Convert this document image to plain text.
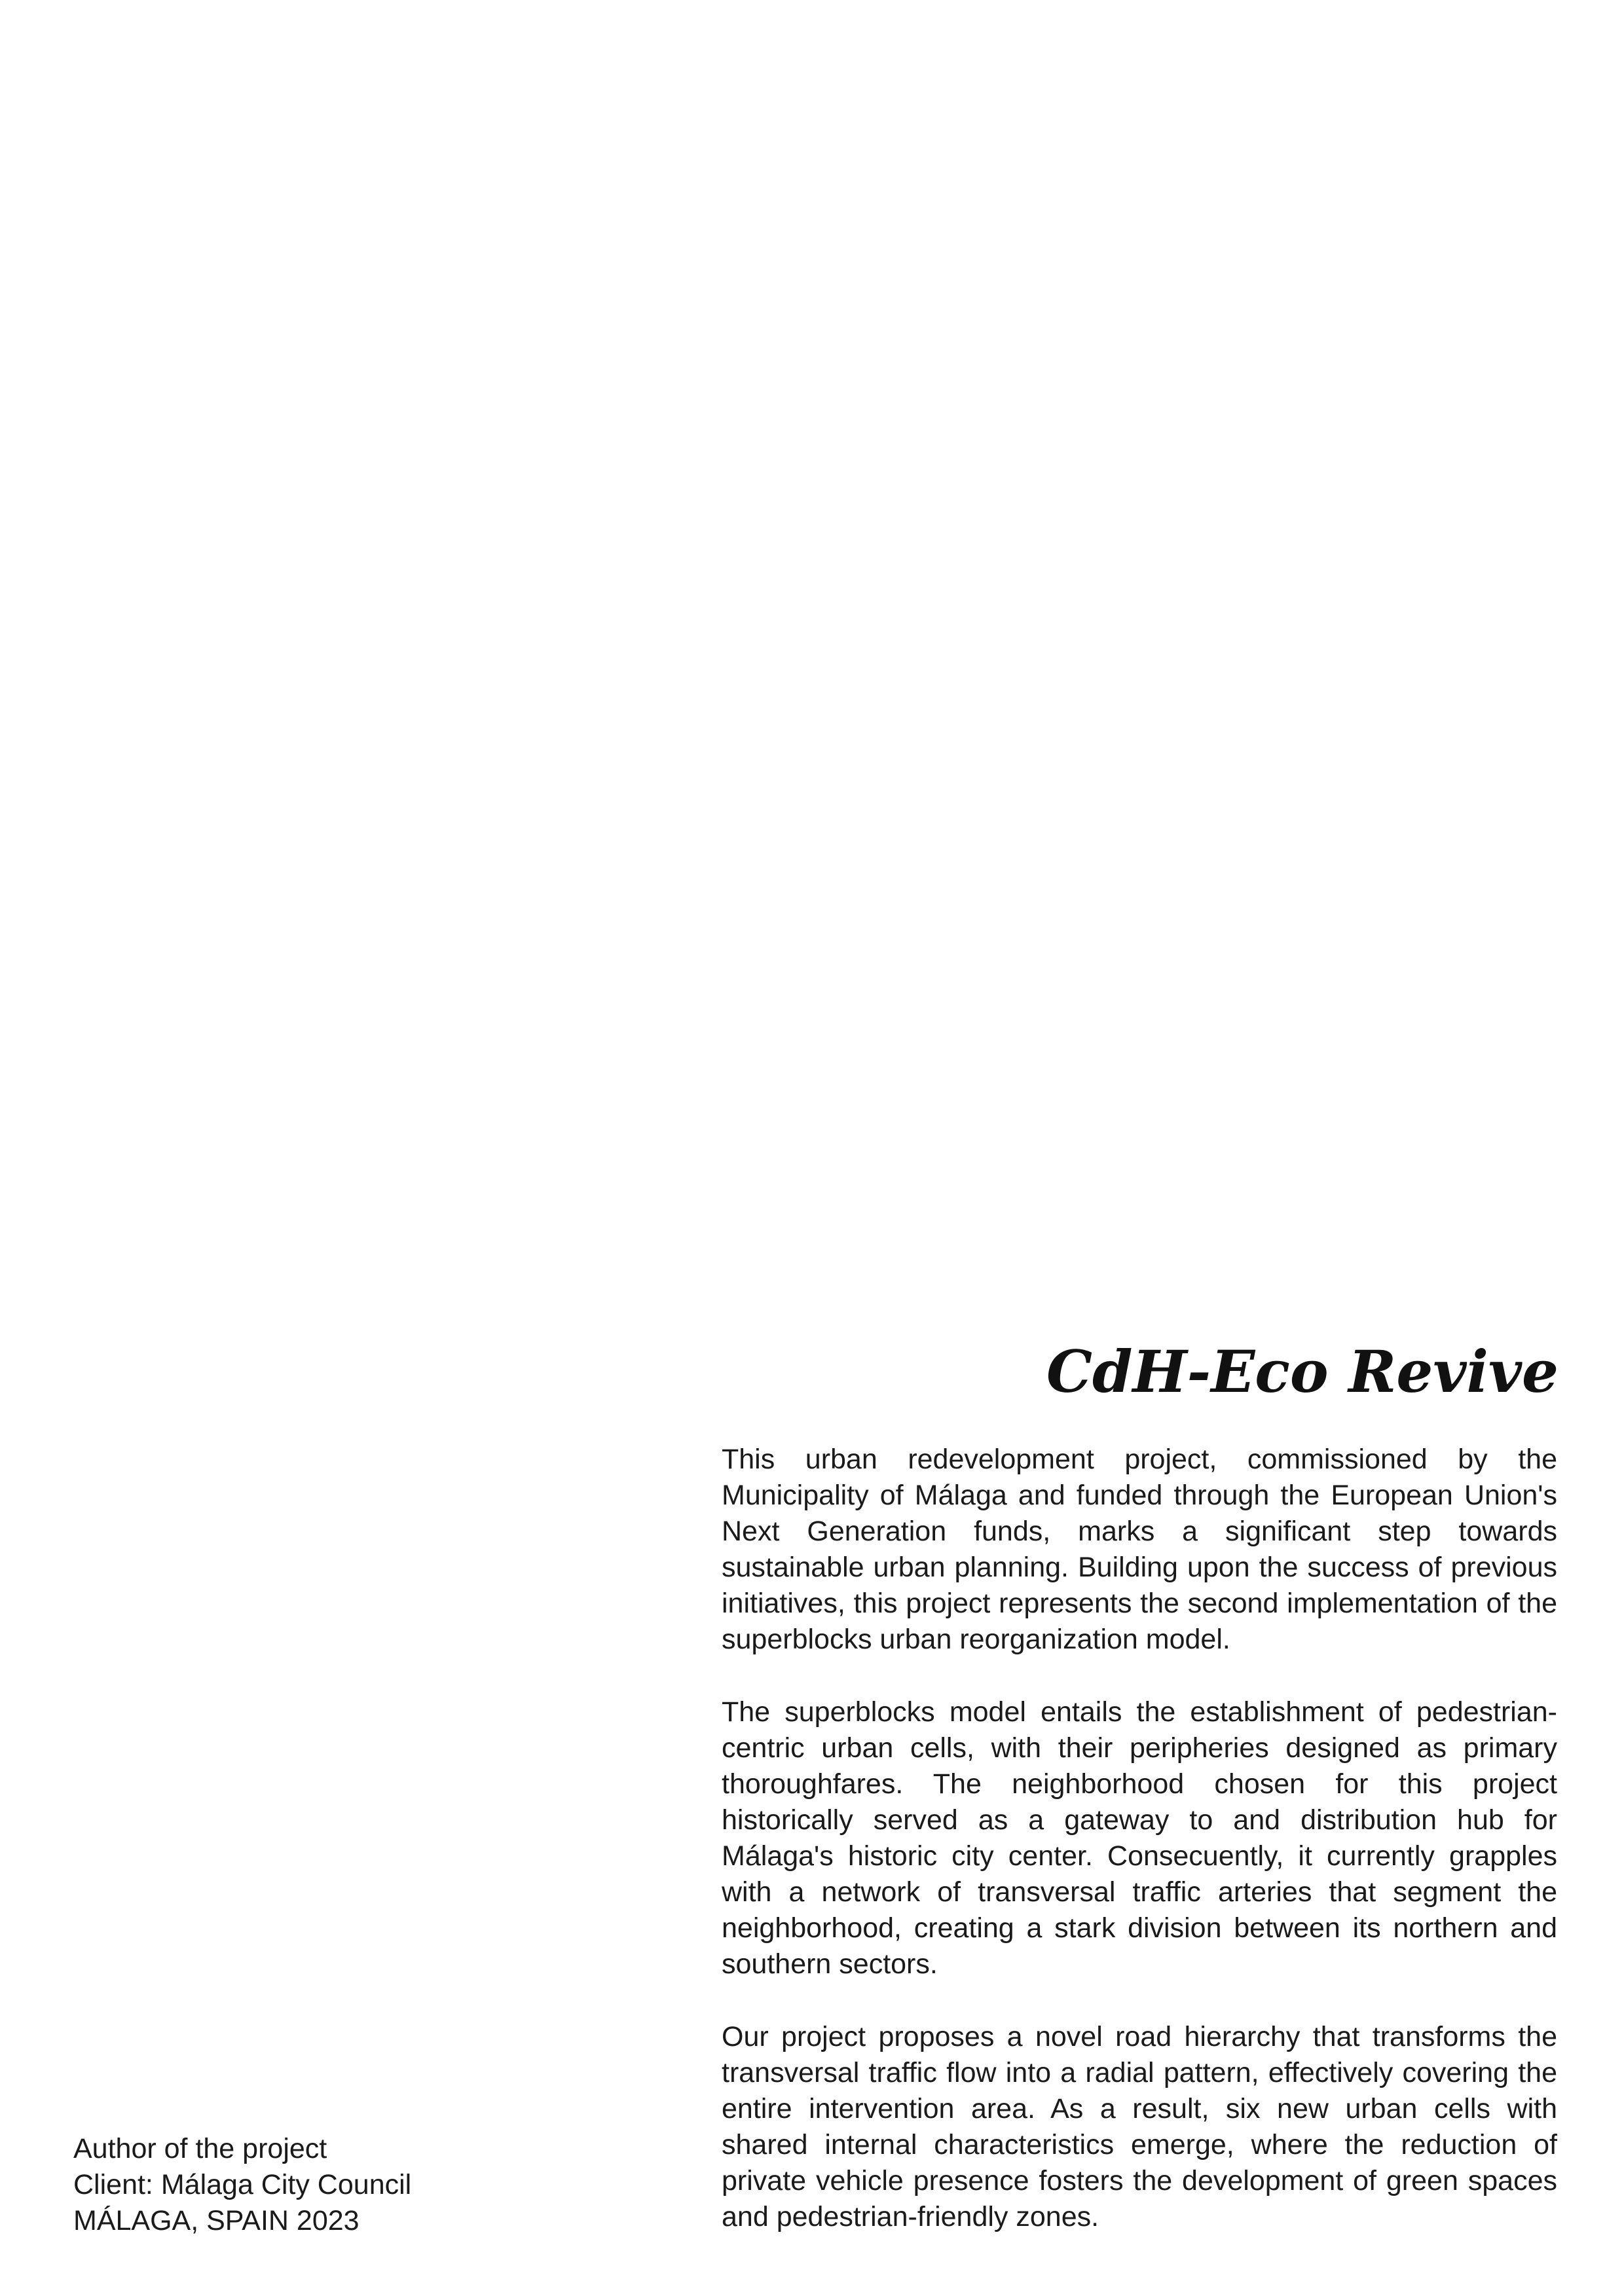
CdH-Eco Revive

This urban redevelopment project, commissioned by the Municipality of Málaga and funded through the European Union's Next Generation funds, marks a significant step towards sustainable urban planning. Building upon the success of previous initiatives, this project represents the second implementation of the superblocks urban reorganization model.

The superblocks model entails the establishment of pedestrian-centric urban cells, with their peripheries designed as primary thoroughfares. The neighborhood chosen for this project historically served as a gateway to and distribution hub for Málaga's historic city center. Consecuently, it currently grapples with a network of transversal traffic arteries that segment the neighborhood, creating a stark division between its northern and southern sectors.

Our project proposes a novel road hierarchy that transforms the transversal traffic flow into a radial pattern, effectively covering the entire intervention area. As a result, six new urban cells with shared internal characteristics emerge, where the reduction of private vehicle presence fosters the development of green spaces and pedestrian-friendly zones.

Author of the project
Client: Málaga City Council
MÁLAGA, SPAIN 2023
